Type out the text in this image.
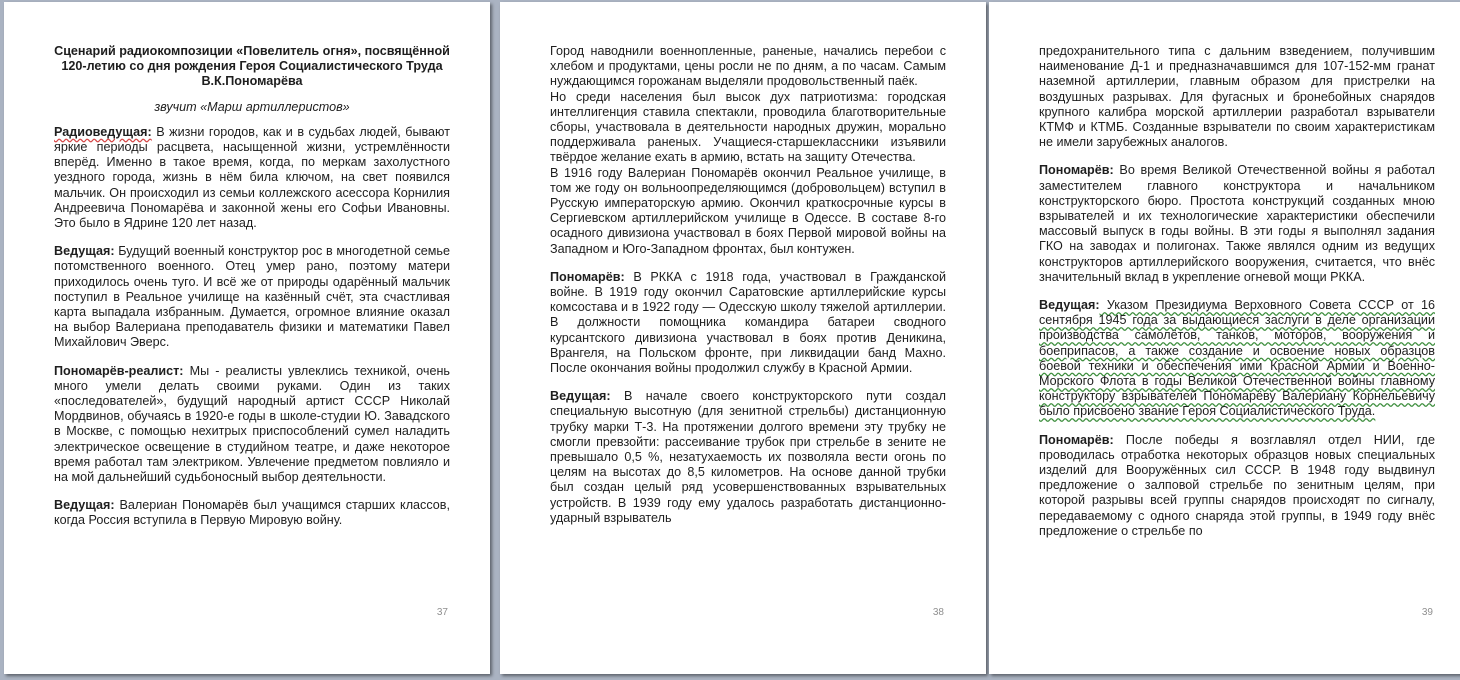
Сценарий радиокомпозиции «Повелитель огня», посвящённой 120-летию со дня рождения Героя Социалистического Труда В.К.Пономарёва
звучит «Марш артиллеристов»
Радиоведущая: В жизни городов, как и в судьбах людей, бывают яркие периоды расцвета, насыщенной жизни, устремлённости вперёд. Именно в такое время, когда, по меркам захолустного уездного города, жизнь в нём била ключом, на свет появился мальчик. Он происходил из семьи коллежского асессора Корнилия Андреевича Пономарёва и законной жены его Софьи Ивановны. Это было в Ядрине 120 лет назад.
Ведущая: Будущий военный конструктор рос в многодетной семье потомственного военного. Отец умер рано, поэтому матери приходилось очень туго. И всё же от природы одарённый мальчик поступил в Реальное училище на казённый счёт, эта счастливая карта выпадала избранным. Думается, огромное влияние оказал на выбор Валериана преподаватель физики и математики Павел Михайлович Эверс.
Пономарёв-реалист: Мы - реалисты увлеклись техникой, очень много умели делать своими руками. Один из таких «последователей», будущий народный артист СССР Николай Мордвинов, обучаясь в 1920-е годы в школе-студии Ю. Завадского в Москве, с помощью нехитрых приспособлений сумел наладить электрическое освещение в студийном театре, и даже некоторое время работал там электриком. Увлечение предметом повлияло и на мой дальнейший судьбоносный выбор деятельности.
Ведущая: Валериан Пономарёв был учащимся старших классов, когда Россия вступила в Первую Мировую войну.
37

Город наводнили военнопленные, раненые, начались перебои с хлебом и продуктами, цены росли не по дням, а по часам. Самым нуждающимся горожанам выделяли продовольственный паёк.

Но среди населения был высок дух патриотизма: городская интеллигенция ставила спектакли, проводила благотворительные сборы, участвовала в деятельности народных дружин, морально поддерживала раненых. Учащиеся-старшеклассники изъявили твёрдое желание ехать в армию, встать на защиту Отечества.

В 1916 году Валериан Пономарёв окончил Реальное училище, в том же году он вольноопределяющимся (добровольцем) вступил в Русскую императорскую армию. Окончил краткосрочные курсы в Сергиевском артиллерийском училище в Одессе. В составе 8-го осадного дивизиона участвовал в боях Первой мировой войны на Западном и Юго-Западном фронтах, был контужен.

Пономарёв: В РККА с 1918 года, участвовал в Гражданской войне. В 1919 году окончил Саратовские артиллерийские курсы комсостава и в 1922 году — Одесскую школу тяжелой артиллерии. В должности помощника командира батареи сводного курсантского дивизиона участвовал в боях против Деникина, Врангеля, на Польском фронте, при ликвидации банд Махно. После окончания войны продолжил службу в Красной Армии.
Ведущая: В начале своего конструкторского пути создал специальную высотную (для зенитной стрельбы) дистанционную трубку марки Т-3. На протяжении долгого времени эту трубку не смогли превзойти: рассеивание трубок при стрельбе в зените не превышало 0,5 %, незатухаемость их позволяла вести огонь по целям на высотах до 8,5 километров. На основе данной трубки был создан целый ряд усовершенствованных взрывательных устройств. В 1939 году ему удалось разработать дистанционно-ударный взрыватель
38
предохранительного типа с дальним взведением, получившим наименование Д-1 и предназначавшимся для 107-152-мм гранат наземной артиллерии, главным образом для пристрелки на воздушных разрывах. Для фугасных и бронебойных снарядов крупного калибра морской артиллерии разработал взрыватели КТМФ и КТМБ. Созданные взрыватели по своим характеристикам не имели зарубежных аналогов.
Пономарёв: Во время Великой Отечественной войны я работал заместителем главного конструктора и начальником конструкторского бюро. Простота конструкций созданных мною взрывателей и их технологические характеристики обеспечили массовый выпуск в годы войны. В эти годы я выполнял задания ГКО на заводах и полигонах. Также являлся одним из ведущих конструкторов артиллерийского вооружения, считается, что внёс значительный вклад в укрепление огневой мощи РККА.
Ведущая: Указом Президиума Верховного Совета СССР от 16 сентября 1945 года за выдающиеся заслуги в деле организации производства самолётов, танков, моторов, вооружения и боеприпасов, а также создание и освоение новых образцов боевой техники и обеспечения ими Красной Армии и Военно-Морского Флота в годы Великой Отечественной войны главному конструктору взрывателей Пономарёву Валериану Корнельевичу было присвоено звание Героя Социалистического Труда.
Пономарёв: После победы я возглавлял отдел НИИ, где проводилась отработка некоторых образцов новых специальных изделий для Вооружённых сил СССР. В 1948 году выдвинул предложение о залповой стрельбе по зенитным целям, при которой разрывы всей группы снарядов происходят по сигналу, передаваемому с одного снаряда этой группы, в 1949 году внёс предложение о стрельбе по
39
